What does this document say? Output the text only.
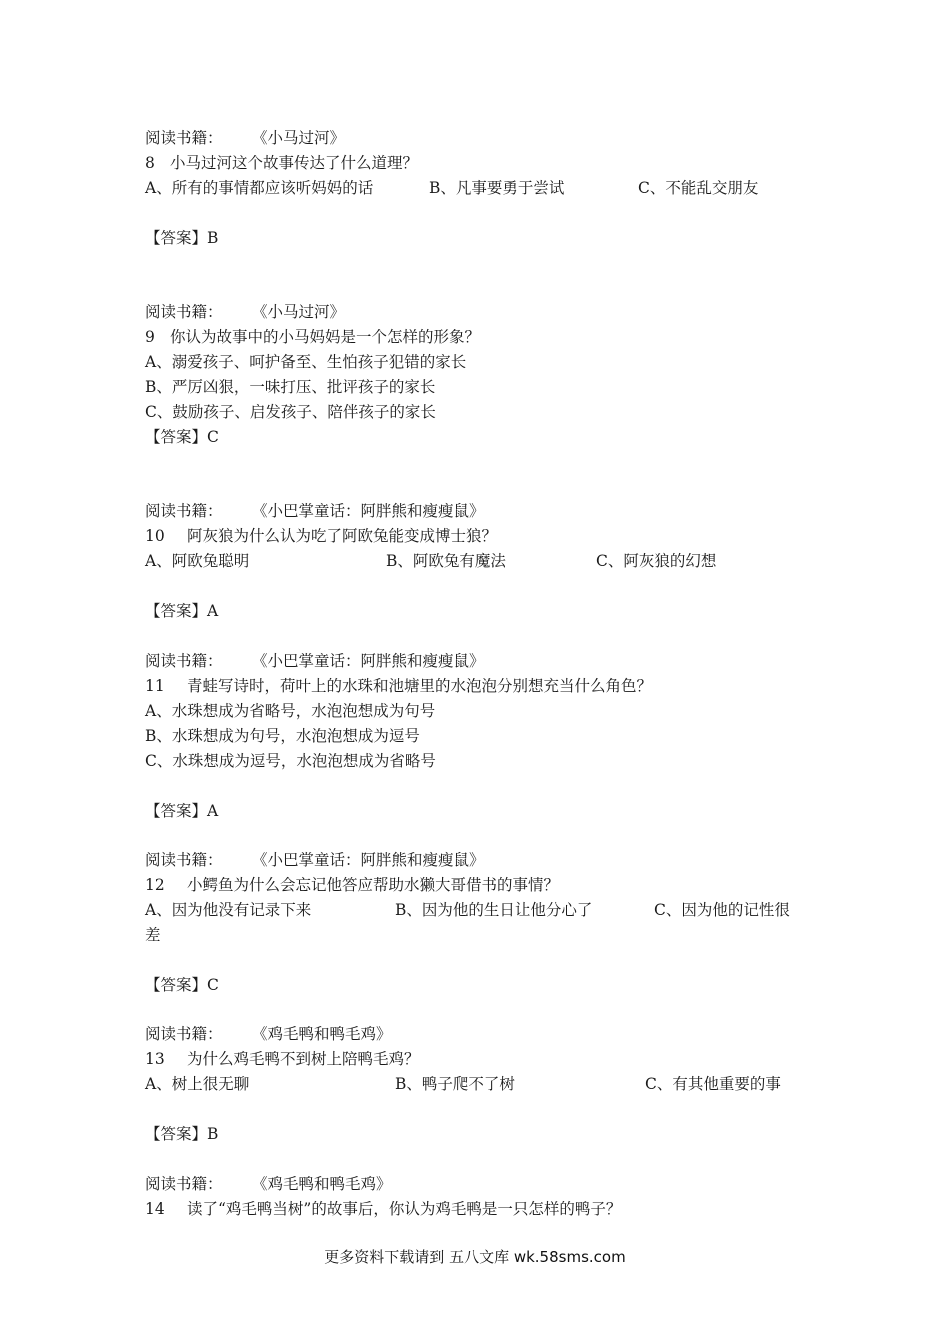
阅读书籍： 《小马过河》
8 小马过河这个故事传达了什么道理？

A、所有的事情都应该听妈妈的话

	B、凡事要勇于尝试

	C、不能乱交朋友

【答案】B
阅读书籍： 《小马过河》
9 你认为故事中的小马妈妈是一个怎样的形象？
A、溺爱孩子、呵护备至、生怕孩子犯错的家长
B、严厉凶狠，一味打压、批评孩子的家长
C、鼓励孩子、启发孩子、陪伴孩子的家长
【答案】C
阅读书籍： 《小巴掌童话：阿胖熊和瘦瘦鼠》
10 阿灰狼为什么认为吃了阿欧兔能变成博士狼？

A、阿欧兔聪明

	B、阿欧兔有魔法

	C、阿灰狼的幻想

【答案】A
阅读书籍： 《小巴掌童话：阿胖熊和瘦瘦鼠》
11 青蛙写诗时，荷叶上的水珠和池塘里的水泡泡分别想充当什么角色？
A、水珠想成为省略号，水泡泡想成为句号
B、水珠想成为句号，水泡泡想成为逗号
C、水珠想成为逗号，水泡泡想成为省略号
【答案】A
阅读书籍： 《小巴掌童话：阿胖熊和瘦瘦鼠》
12 小鳄鱼为什么会忘记他答应帮助水獭大哥借书的事情？

A、因为他没有记录下来

	B、因为他的生日让他分心了

	C、因为他的记性很

差
【答案】C
阅读书籍： 《鸡毛鸭和鸭毛鸡》
13 为什么鸡毛鸭不到树上陪鸭毛鸡？

A、树上很无聊

	B、鸭子爬不了树

	C、有其他重要的事

【答案】B
阅读书籍： 《鸡毛鸭和鸭毛鸡》
14 读了“鸡毛鸭当树”的故事后，你认为鸡毛鸭是一只怎样的鸭子？
更多资料下载请到 五八文库 wk.58sms.com
